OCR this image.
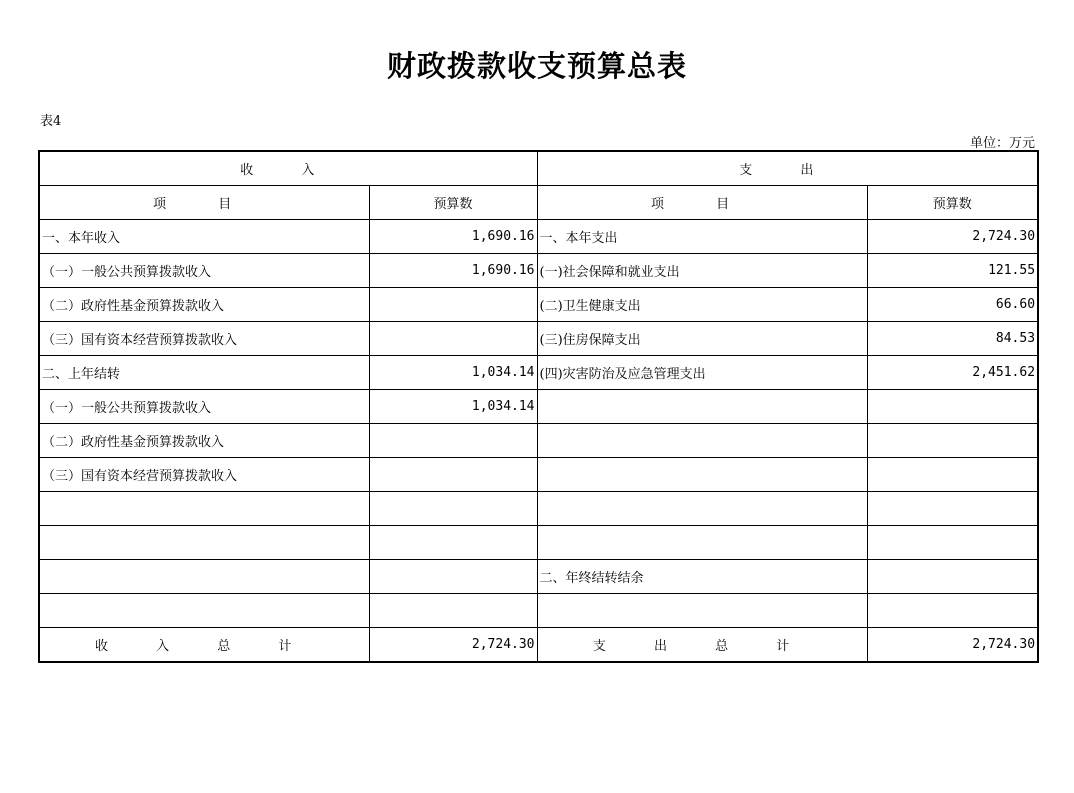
财政拨款收支预算总表
表4
单位：万元
收 入		支 出	
项 目	预算数	项 目	预算数
一、本年收入	1,690.16	一、本年支出	2,724.30
（一）一般公共预算拨款收入	1,690.16	(一)社会保障和就业支出	121.55
（二）政府性基金预算拨款收入		(二)卫生健康支出	66.60
（三）国有资本经营预算拨款收入		(三)住房保障支出	84.53
二、上年结转	1,034.14	(四)灾害防治及应急管理支出	2,451.62
（一）一般公共预算拨款收入	1,034.14		
（二）政府性基金预算拨款收入			
（三）国有资本经营预算拨款收入			

		二、年终结转结余	

收 入 总 计	2,724.30	支 出 总 计	2,724.30
